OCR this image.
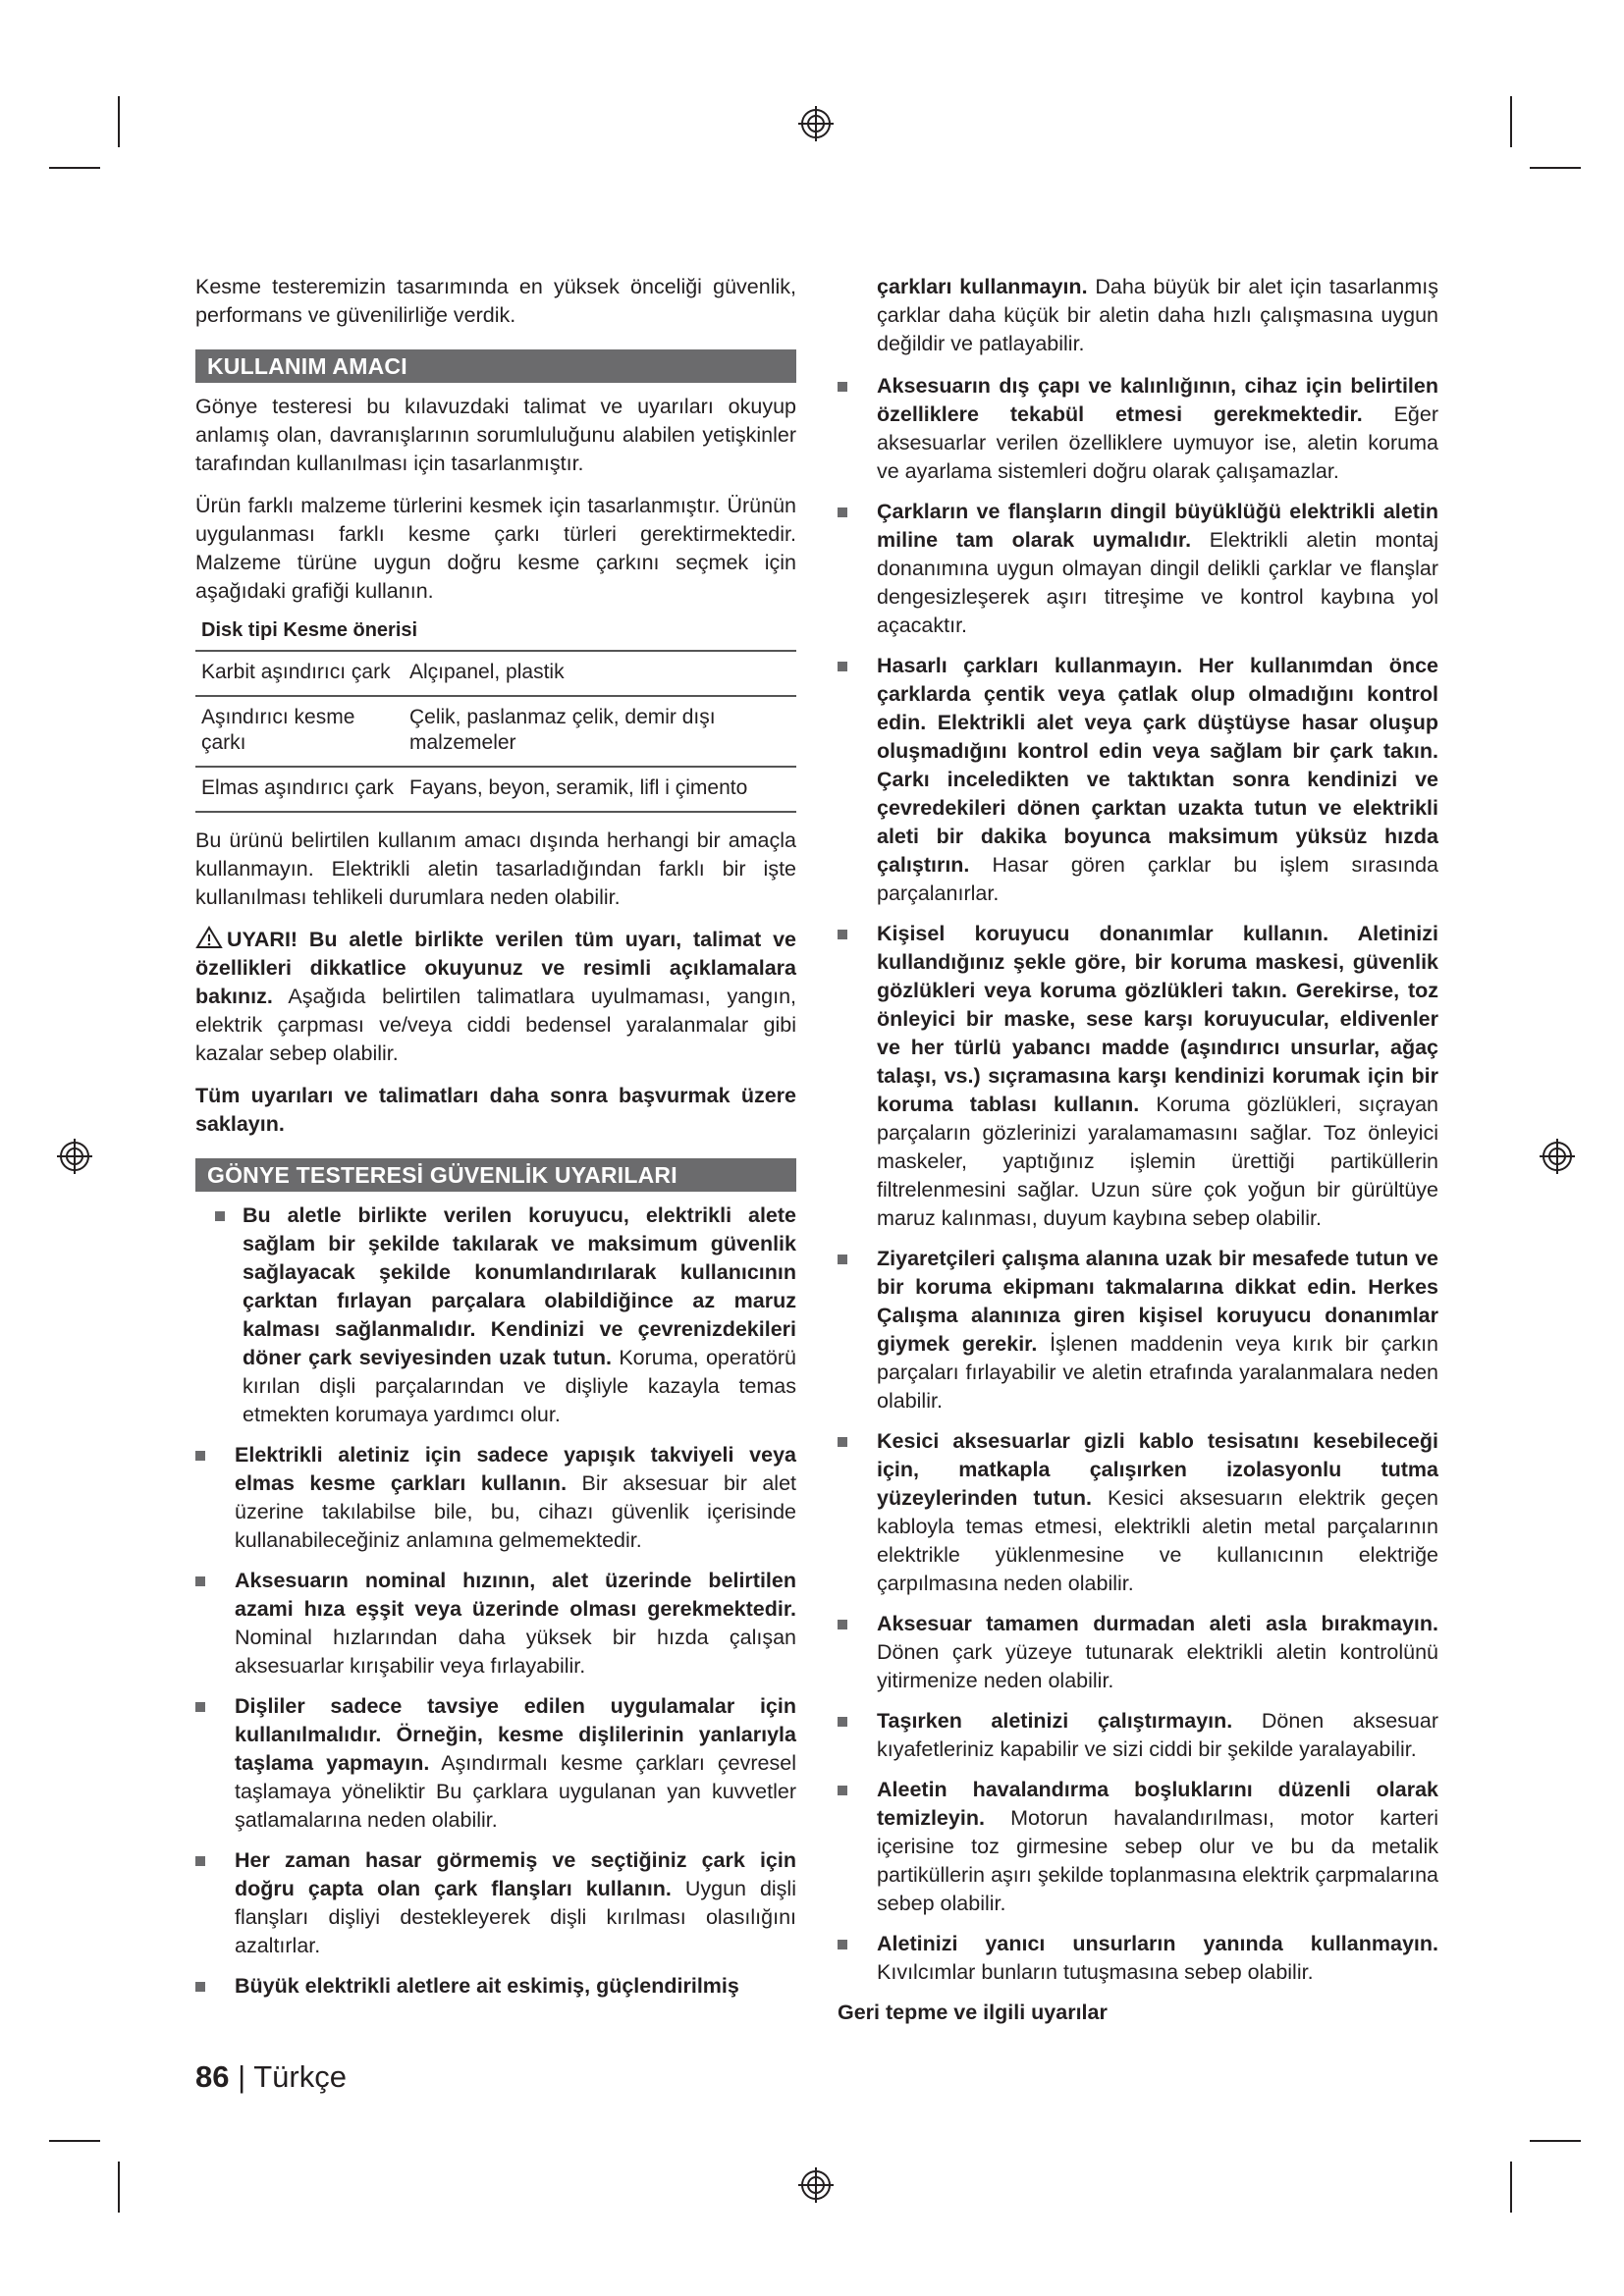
Kesme testeremizin tasarımında en yüksek önceliği güvenlik, performans ve güvenilirliğe verdik.

KULLANIM AMACI

Gönye testeresi bu kılavuzdaki talimat ve uyarıları okuyup anlamış olan, davranışlarının sorumluluğunu alabilen yetişkinler tarafından kullanılması için tasarlanmıştır.

Ürün farklı malzeme türlerini kesmek için tasarlanmıştır. Ürünün uygulanması farklı kesme çarkı türleri gerektirmektedir. Malzeme türüne uygun doğru kesme çarkını seçmek için aşağıdaki grafiği kullanın.

Disk tipi Kesme önerisi
Karbit aşındırıcı çark	Alçıpanel, plastik
Aşındırıcı kesme çarkı	Çelik, paslanmaz çelik, demir dışı malzemeler
Elmas aşındırıcı çark	Fayans, beyon, seramik, lifl i çimento

Bu ürünü belirtilen kullanım amacı dışında herhangi bir amaçla kullanmayın. Elektrikli aletin tasarladığından farklı bir işte kullanılması tehlikeli durumlara neden olabilir.

UYARI! Bu aletle birlikte verilen tüm uyarı, talimat ve özellikleri dikkatlice okuyunuz ve resimli açıklamalara bakınız. Aşağıda belirtilen talimatlara uyulmaması, yangın, elektrik çarpması ve/veya ciddi bedensel yaralanmalar gibi kazalar sebep olabilir.

Tüm uyarıları ve talimatları daha sonra başvurmak üzere saklayın.

GÖNYE TESTERESİ GÜVENLİK UYARILARI
Bu aletle birlikte verilen koruyucu, elektrikli alete sağlam bir şekilde takılarak ve maksimum güvenlik sağlayacak şekilde konumlandırılarak kullanıcının çarktan fırlayan parçalara olabildiğince az maruz kalması sağlanmalıdır. Kendinizi ve çevrenizdekileri döner çark seviyesinden uzak tutun. Koruma, operatörü kırılan dişli parçalarından ve dişliyle kazayla temas etmekten korumaya yardımcı olur.
Elektrikli aletiniz için sadece yapışık takviyeli veya elmas kesme çarkları kullanın. Bir aksesuar bir alet üzerine takılabilse bile, bu, cihazı güvenlik içerisinde kullanabileceğiniz anlamına gelmemektedir.
Aksesuarın nominal hızının, alet üzerinde belirtilen azami hıza eşşit veya üzerinde olması gerekmektedir. Nominal hızlarından daha yüksek bir hızda çalışan aksesuarlar kırışabilir veya fırlayabilir.
Dişliler sadece tavsiye edilen uygulamalar için kullanılmalıdır. Örneğin, kesme dişlilerinin yanlarıyla taşlama yapmayın. Aşındırmalı kesme çarkları çevresel taşlamaya yöneliktir Bu çarklara uygulanan yan kuvvetler şatlamalarına neden olabilir.
Her zaman hasar görmemiş ve seçtiğiniz çark için doğru çapta olan çark flanşları kullanın. Uygun dişli flanşları dişliyi destekleyerek dişli kırılması olasılığını azaltırlar.
Büyük elektrikli aletlere ait eskimiş, güçlendirilmiş

çarkları kullanmayın. Daha büyük bir alet için tasarlanmış çarklar daha küçük bir aletin daha hızlı çalışmasına uygun değildir ve patlayabilir.

Aksesuarın dış çapı ve kalınlığının, cihaz için belirtilen özelliklere tekabül etmesi gerekmektedir. Eğer aksesuarlar verilen özelliklere uymuyor ise, aletin koruma ve ayarlama sistemleri doğru olarak çalışamazlar.
Çarkların ve flanşların dingil büyüklüğü elektrikli aletin miline tam olarak uymalıdır. Elektrikli aletin montaj donanımına uygun olmayan dingil delikli çarklar ve flanşlar dengesizleşerek aşırı titreşime ve kontrol kaybına yol açacaktır.
Hasarlı çarkları kullanmayın. Her kullanımdan önce çarklarda çentik veya çatlak olup olmadığını kontrol edin. Elektrikli alet veya çark düştüyse hasar oluşup oluşmadığını kontrol edin veya sağlam bir çark takın. Çarkı inceledikten ve taktıktan sonra kendinizi ve çevredekileri dönen çarktan uzakta tutun ve elektrikli aleti bir dakika boyunca maksimum yüksüz hızda çalıştırın. Hasar gören çarklar bu işlem sırasında parçalanırlar.
Kişisel koruyucu donanımlar kullanın. Aletinizi kullandığınız şekle göre, bir koruma maskesi, güvenlik gözlükleri veya koruma gözlükleri takın. Gerekirse, toz önleyici bir maske, sese karşı koruyucular, eldivenler ve her türlü yabancı madde (aşındırıcı unsurlar, ağaç talaşı, vs.) sıçramasına karşı kendinizi korumak için bir koruma tablası kullanın. Koruma gözlükleri, sıçrayan parçaların gözlerinizi yaralamamasını sağlar. Toz önleyici maskeler, yaptığınız işlemin ürettiği partiküllerin filtrelenmesini sağlar. Uzun süre çok yoğun bir gürültüye maruz kalınması, duyum kaybına sebep olabilir.
Ziyaretçileri çalışma alanına uzak bir mesafede tutun ve bir koruma ekipmanı takmalarına dikkat edin. Herkes Çalışma alanınıza giren kişisel koruyucu donanımlar giymek gerekir. İşlenen maddenin veya kırık bir çarkın parçaları fırlayabilir ve aletin etrafında yaralanmalara neden olabilir.
Kesici aksesuarlar gizli kablo tesisatını kesebileceği için, matkapla çalışırken izolasyonlu tutma yüzeylerinden tutun. Kesici aksesuarın elektrik geçen kabloyla temas etmesi, elektrikli aletin metal parçalarının elektrikle yüklenmesine ve kullanıcının elektriğe çarpılmasına neden olabilir.
Aksesuar tamamen durmadan aleti asla bırakmayın. Dönen çark yüzeye tutunarak elektrikli aletin kontrolünü yitirmenize neden olabilir.
Taşırken aletinizi çalıştırmayın. Dönen aksesuar kıyafetleriniz kapabilir ve sizi ciddi bir şekilde yaralayabilir.
Aleetin havalandırma boşluklarını düzenli olarak temizleyin. Motorun havalandırılması, motor karteri içerisine toz girmesine sebep olur ve bu da metalik partiküllerin aşırı şekilde toplanmasına elektrik çarpmalarına sebep olabilir.
Aletinizi yanıcı unsurların yanında kullanmayın. Kıvılcımlar bunların tutuşmasına sebep olabilir.

Geri tepme ve ilgili uyarılar

86 | Türkçe
